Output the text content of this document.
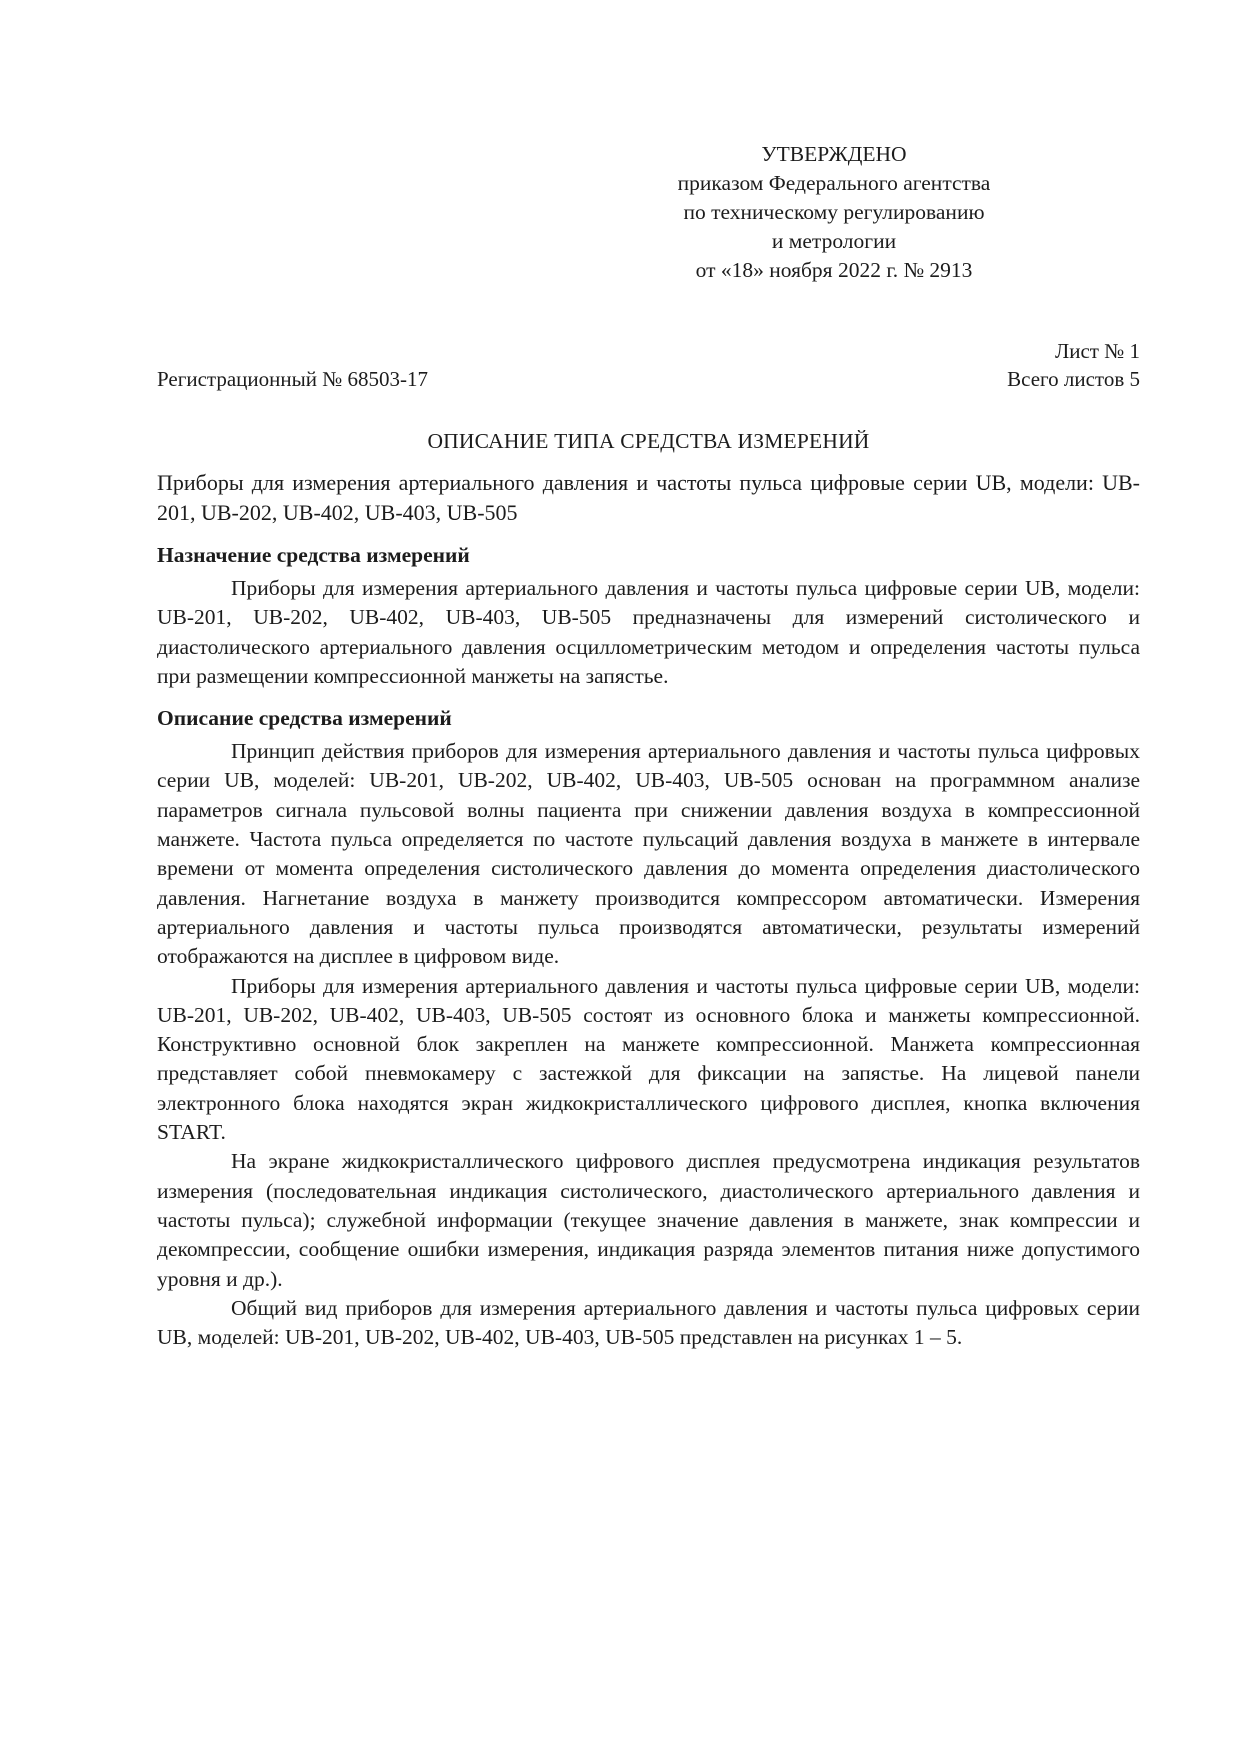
УТВЕРЖДЕНО
приказом Федерального агентства
по техническому регулированию
и метрологии
от «18» ноября 2022 г. № 2913
Лист № 1
Регистрационный № 68503-17	Всего листов 5
ОПИСАНИЕ ТИПА СРЕДСТВА ИЗМЕРЕНИЙ

Приборы для измерения артериального давления и частоты пульса цифровые серии UB, модели: UB-201, UB-202, UB-402, UB-403, UB-505

Назначение средства измерений

Приборы для измерения артериального давления и частоты пульса цифровые серии UB, модели: UB-201, UB-202, UB-402, UB-403, UB-505 предназначены для измерений систолического и диастолического артериального давления осциллометрическим методом и определения частоты пульса при размещении компрессионной манжеты на запястье.

Описание средства измерений

Принцип действия приборов для измерения артериального давления и частоты пульса цифровых серии UB, моделей: UB-201, UB-202, UB-402, UB-403, UB-505 основан на программном анализе параметров сигнала пульсовой волны пациента при снижении давления воздуха в компрессионной манжете. Частота пульса определяется по частоте пульсаций давления воздуха в манжете в интервале времени от момента определения систолического давления до момента определения диастолического давления. Нагнетание воздуха в манжету производится компрессором автоматически. Измерения артериального давления и частоты пульса производятся автоматически, результаты измерений отображаются на дисплее в цифровом виде.

Приборы для измерения артериального давления и частоты пульса цифровые серии UB, модели: UB-201, UB-202, UB-402, UB-403, UB-505 состоят из основного блока и манжеты компрессионной. Конструктивно основной блок закреплен на манжете компрессионной. Манжета компрессионная представляет собой пневмокамеру с застежкой для фиксации на запястье. На лицевой панели электронного блока находятся экран жидкокристаллического цифрового дисплея, кнопка включения START.

На экране жидкокристаллического цифрового дисплея предусмотрена индикация результатов измерения (последовательная индикация систолического, диастолического артериального давления и частоты пульса); служебной информации (текущее значение давления в манжете, знак компрессии и декомпрессии, сообщение ошибки измерения, индикация разряда элементов питания ниже допустимого уровня и др.).

Общий вид приборов для измерения артериального давления и частоты пульса цифровых серии UB, моделей: UB-201, UB-202, UB-402, UB-403, UB-505 представлен на рисунках 1 – 5.
